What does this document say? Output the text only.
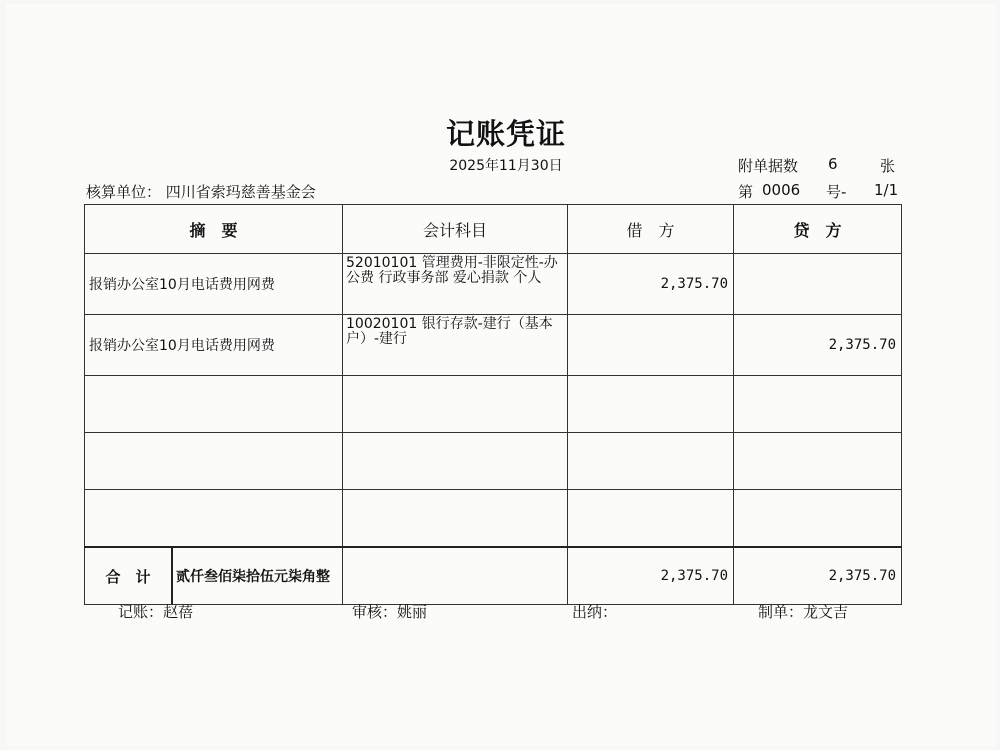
记账凭证
2025年11月30日	附单据数 6	张
核算单位： 四川省索玛慈善基金会	第 0006 号- 1/1
摘　要	会计科目	借　方	贷　方
报销办公室10月电话费用网费	52010101 管理费用-非限定性-办公费 行政事务部 爱心捐款 个人	2,375.70	
报销办公室10月电话费用网费	10020101 银行存款-建行（基本户）-建行		2,375.70

合　计 贰仟叁佰柒拾伍元柒角整		2,375.70	2,375.70
记账：赵蓓	审核：姚丽	出纳：	制单：龙文吉
